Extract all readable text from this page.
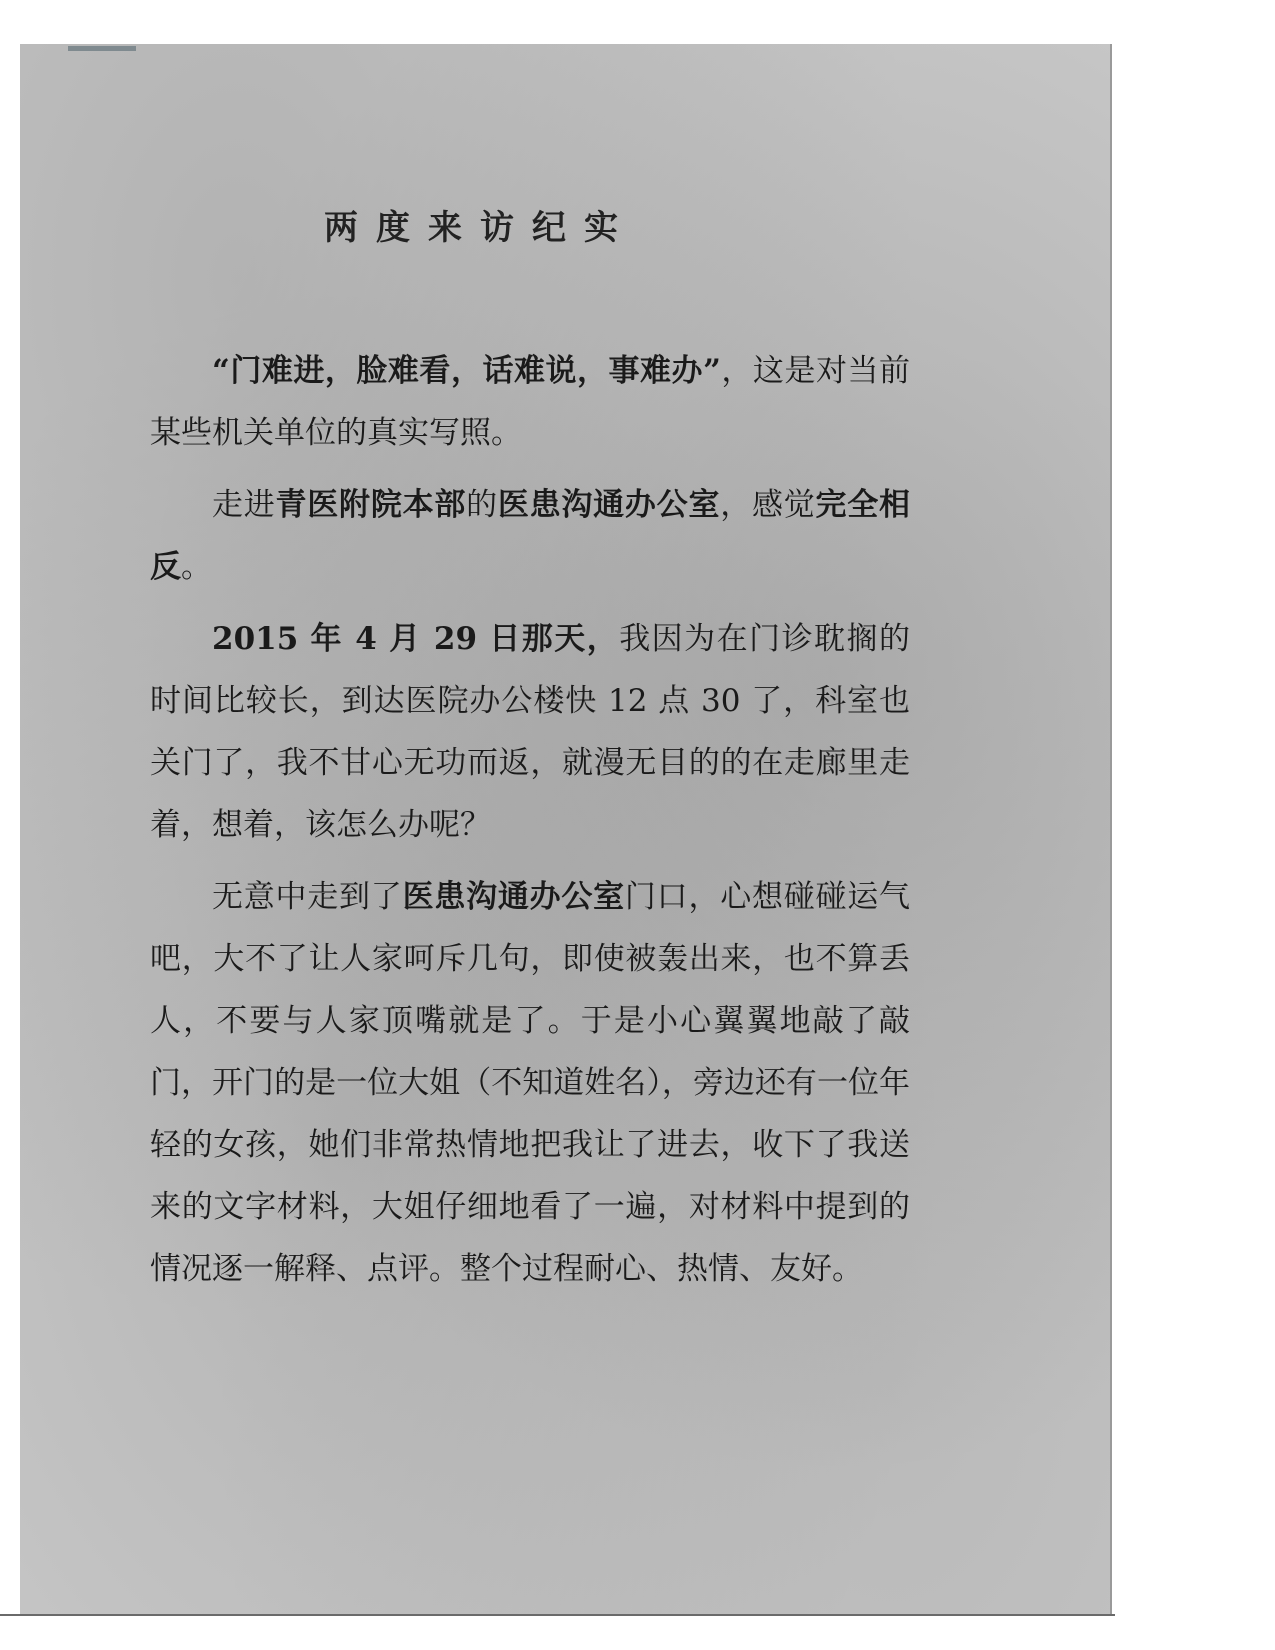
两度来访纪实

“门难进，脸难看，话难说，事难办”，这是对当前某些机关单位的真实写照。

走进青医附院本部的医患沟通办公室，感觉完全相反。

2015 年 4 月 29 日那天，我因为在门诊耽搁的时间比较长，到达医院办公楼快 12 点 30 了，科室也关门了，我不甘心无功而返，就漫无目的的在走廊里走着，想着，该怎么办呢？

无意中走到了医患沟通办公室门口，心想碰碰运气吧，大不了让人家呵斥几句，即使被轰出来，也不算丢人，不要与人家顶嘴就是了。于是小心翼翼地敲了敲门，开门的是一位大姐（不知道姓名），旁边还有一位年轻的女孩，她们非常热情地把我让了进去，收下了我送来的文字材料，大姐仔细地看了一遍，对材料中提到的情况逐一解释、点评。整个过程耐心、热情、友好。
